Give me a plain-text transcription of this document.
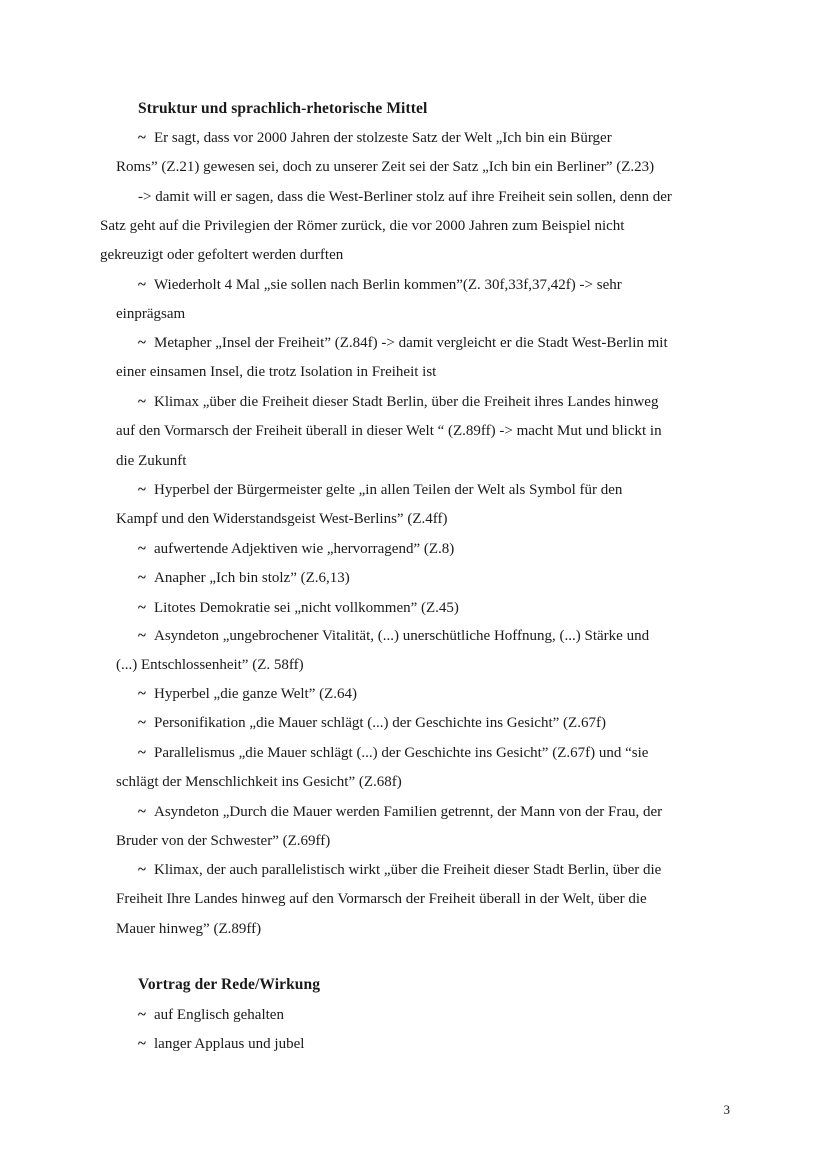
Struktur und sprachlich-rhetorische Mittel
~ Er sagt, dass vor 2000 Jahren der stolzeste Satz der Welt „Ich bin ein Bürger
Roms” (Z.21) gewesen sei, doch zu unserer Zeit sei der Satz „Ich bin ein Berliner” (Z.23)
-> damit will er sagen, dass die West-Berliner stolz auf ihre Freiheit sein sollen, denn der
Satz geht auf die Privilegien der Römer zurück, die vor 2000 Jahren zum Beispiel nicht
gekreuzigt oder gefoltert werden durften
~ Wiederholt 4 Mal „sie sollen nach Berlin kommen”(Z. 30f,33f,37,42f) -> sehr
einprägsam
~ Metapher „Insel der Freiheit” (Z.84f) -> damit vergleicht er die Stadt West-Berlin mit
einer einsamen Insel, die trotz Isolation in Freiheit ist
~ Klimax „über die Freiheit dieser Stadt Berlin, über die Freiheit ihres Landes hinweg
auf den Vormarsch der Freiheit überall in dieser Welt “ (Z.89ff) -> macht Mut und blickt in
die Zukunft
~ Hyperbel der Bürgermeister gelte „in allen Teilen der Welt als Symbol für den
Kampf und den Widerstandsgeist West-Berlins” (Z.4ff)
~ aufwertende Adjektiven wie „hervorragend” (Z.8)
~ Anapher „Ich bin stolz” (Z.6,13)
~ Litotes Demokratie sei „nicht vollkommen” (Z.45)
~ Asyndeton „ungebrochener Vitalität, (...) unerschütliche Hoffnung, (...) Stärke und
(...) Entschlossenheit” (Z. 58ff)
~ Hyperbel „die ganze Welt” (Z.64)
~ Personifikation „die Mauer schlägt (...) der Geschichte ins Gesicht” (Z.67f)
~ Parallelismus „die Mauer schlägt (...) der Geschichte ins Gesicht” (Z.67f) und “sie
schlägt der Menschlichkeit ins Gesicht” (Z.68f)
~ Asyndeton „Durch die Mauer werden Familien getrennt, der Mann von der Frau, der
Bruder von der Schwester” (Z.69ff)
~ Klimax, der auch parallelistisch wirkt „über die Freiheit dieser Stadt Berlin, über die
Freiheit Ihre Landes hinweg auf den Vormarsch der Freiheit überall in der Welt, über die
Mauer hinweg” (Z.89ff)
Vortrag der Rede/Wirkung
~ auf Englisch gehalten
~ langer Applaus und jubel
3
